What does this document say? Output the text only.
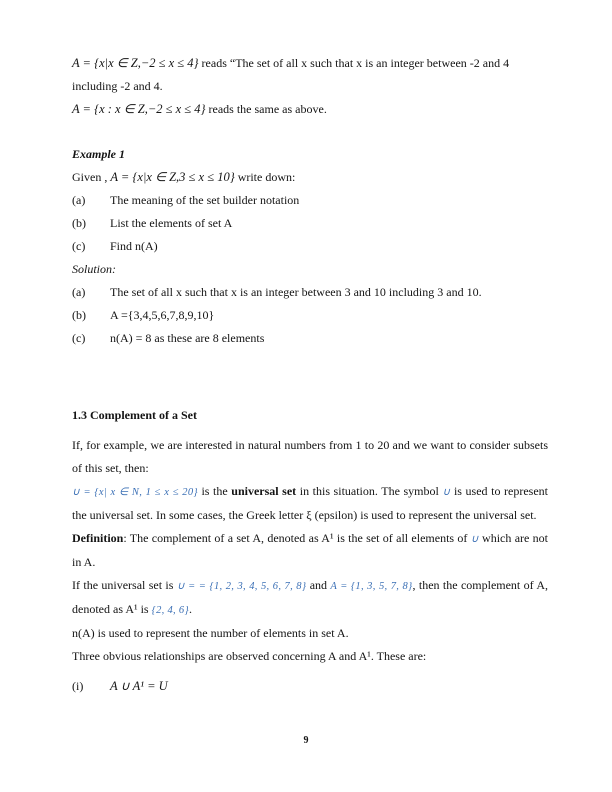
A = {x|x ∈ Z,−2 ≤ x ≤ 4} reads “The set of all x such that x is an integer between -2 and 4

including -2 and 4.

A = {x : x ∈ Z,−2 ≤ x ≤ 4} reads the same as above.

Example 1

Given , A = {x|x ∈ Z,3 ≤ x ≤ 10} write down:

(a)	The meaning of the set builder notation

(b)	List the elements of set A

(c)	Find n(A)

Solution:

(a)	The set of all x such that x is an integer between 3 and 10 including 3 and 10.

(b)	A ={3,4,5,6,7,8,9,10}

(c)	n(A) = 8 as these are 8 elements

1.3 Complement of a Set

If, for example, we are interested in natural numbers from 1 to 20 and we want to consider subsets of this set, then:

∪ = {x| x ∈ N, 1 ≤ x ≤ 20} is the universal set in this situation. The symbol ∪ is used to represent the universal set. In some cases, the Greek letter ξ (epsilon) is used to represent the universal set.

Definition: The complement of a set A, denoted as A¹ is the set of all elements of ∪ which are not in A.

If the universal set is ∪ = = {1, 2, 3, 4, 5, 6, 7, 8} and A = {1, 3, 5, 7, 8}, then the complement of A, denoted as A¹ is {2, 4, 6}.

n(A) is used to represent the number of elements in set A.

Three obvious relationships are observed concerning A and A¹. These are:

(i)	A ∪ A¹ = U

9
